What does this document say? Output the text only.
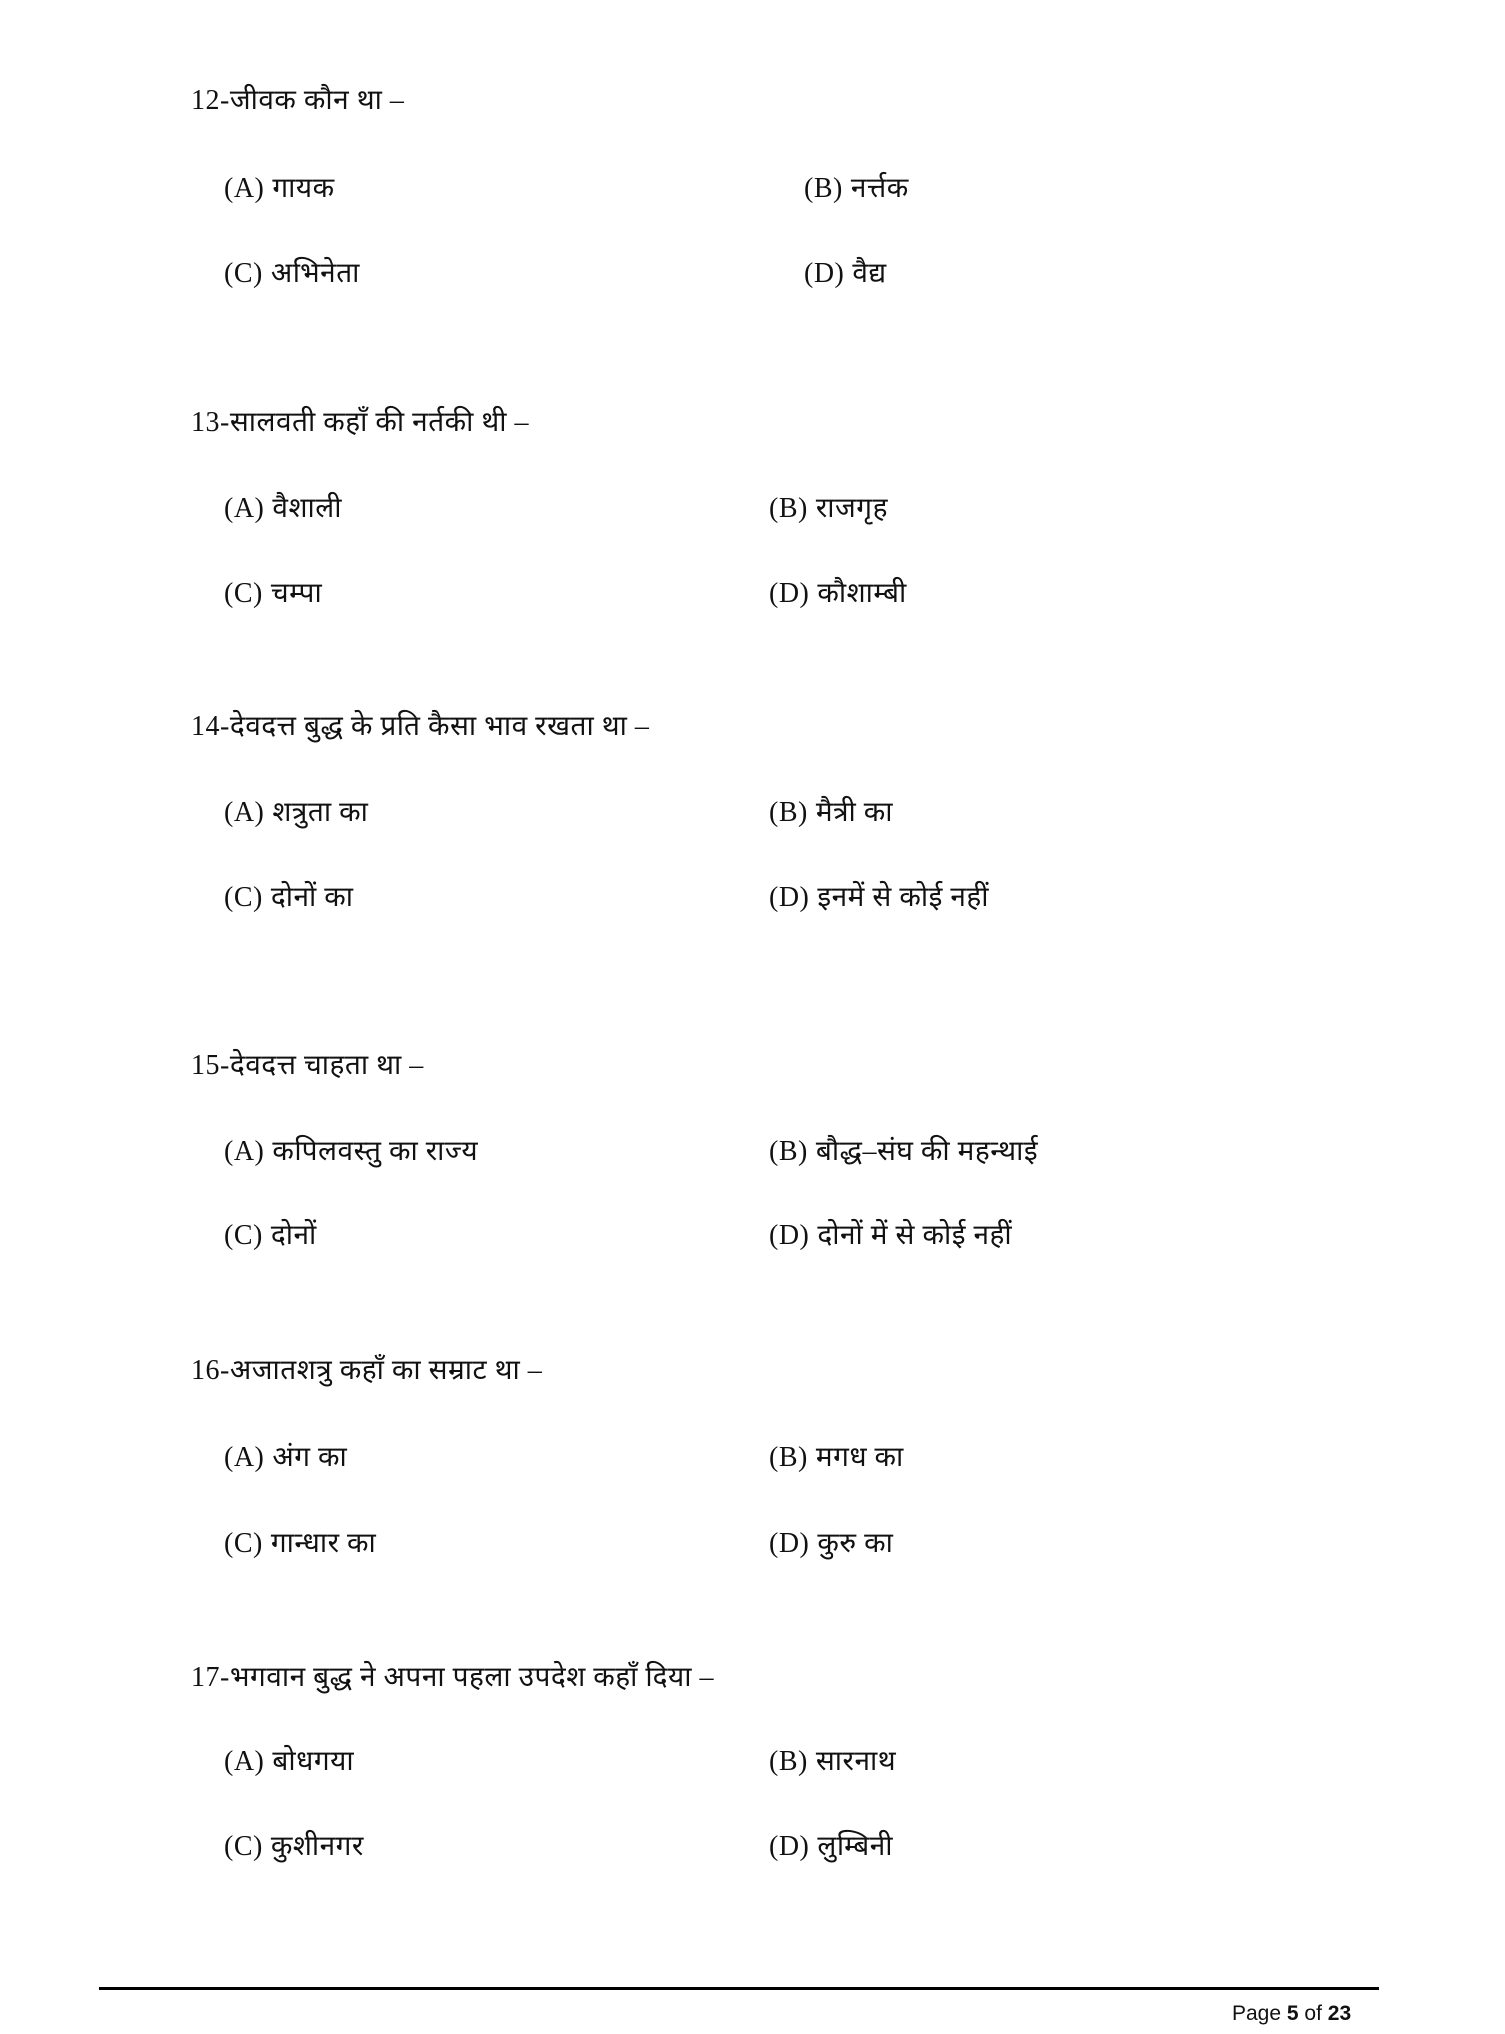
12-जीवक कौन था –
(A) गायक	(B) नर्त्तक
(C) अभिनेता	(D) वैद्य
13-सालवती कहाँ की नर्तकी थी –
(A) वैशाली	(B) राजगृह
(C) चम्पा	(D) कौशाम्बी
14-देवदत्त बुद्ध के प्रति कैसा भाव रखता था –
(A) शत्रुता का	(B) मैत्री का
(C) दोनों का	(D) इनमें से कोई नहीं
15-देवदत्त चाहता था –
(A) कपिलवस्तु का राज्य	(B) बौद्ध–संघ की महन्थाई
(C) दोनों	(D) दोनों में से कोई नहीं
16-अजातशत्रु कहाँ का सम्राट था –
(A) अंग का	(B) मगध का
(C) गान्धार का	(D) कुरु का
17-भगवान बुद्ध ने अपना पहला उपदेश कहाँ दिया –
(A) बोधगया	(B) सारनाथ
(C) कुशीनगर	(D) लुम्बिनी
Page 5 of 23
